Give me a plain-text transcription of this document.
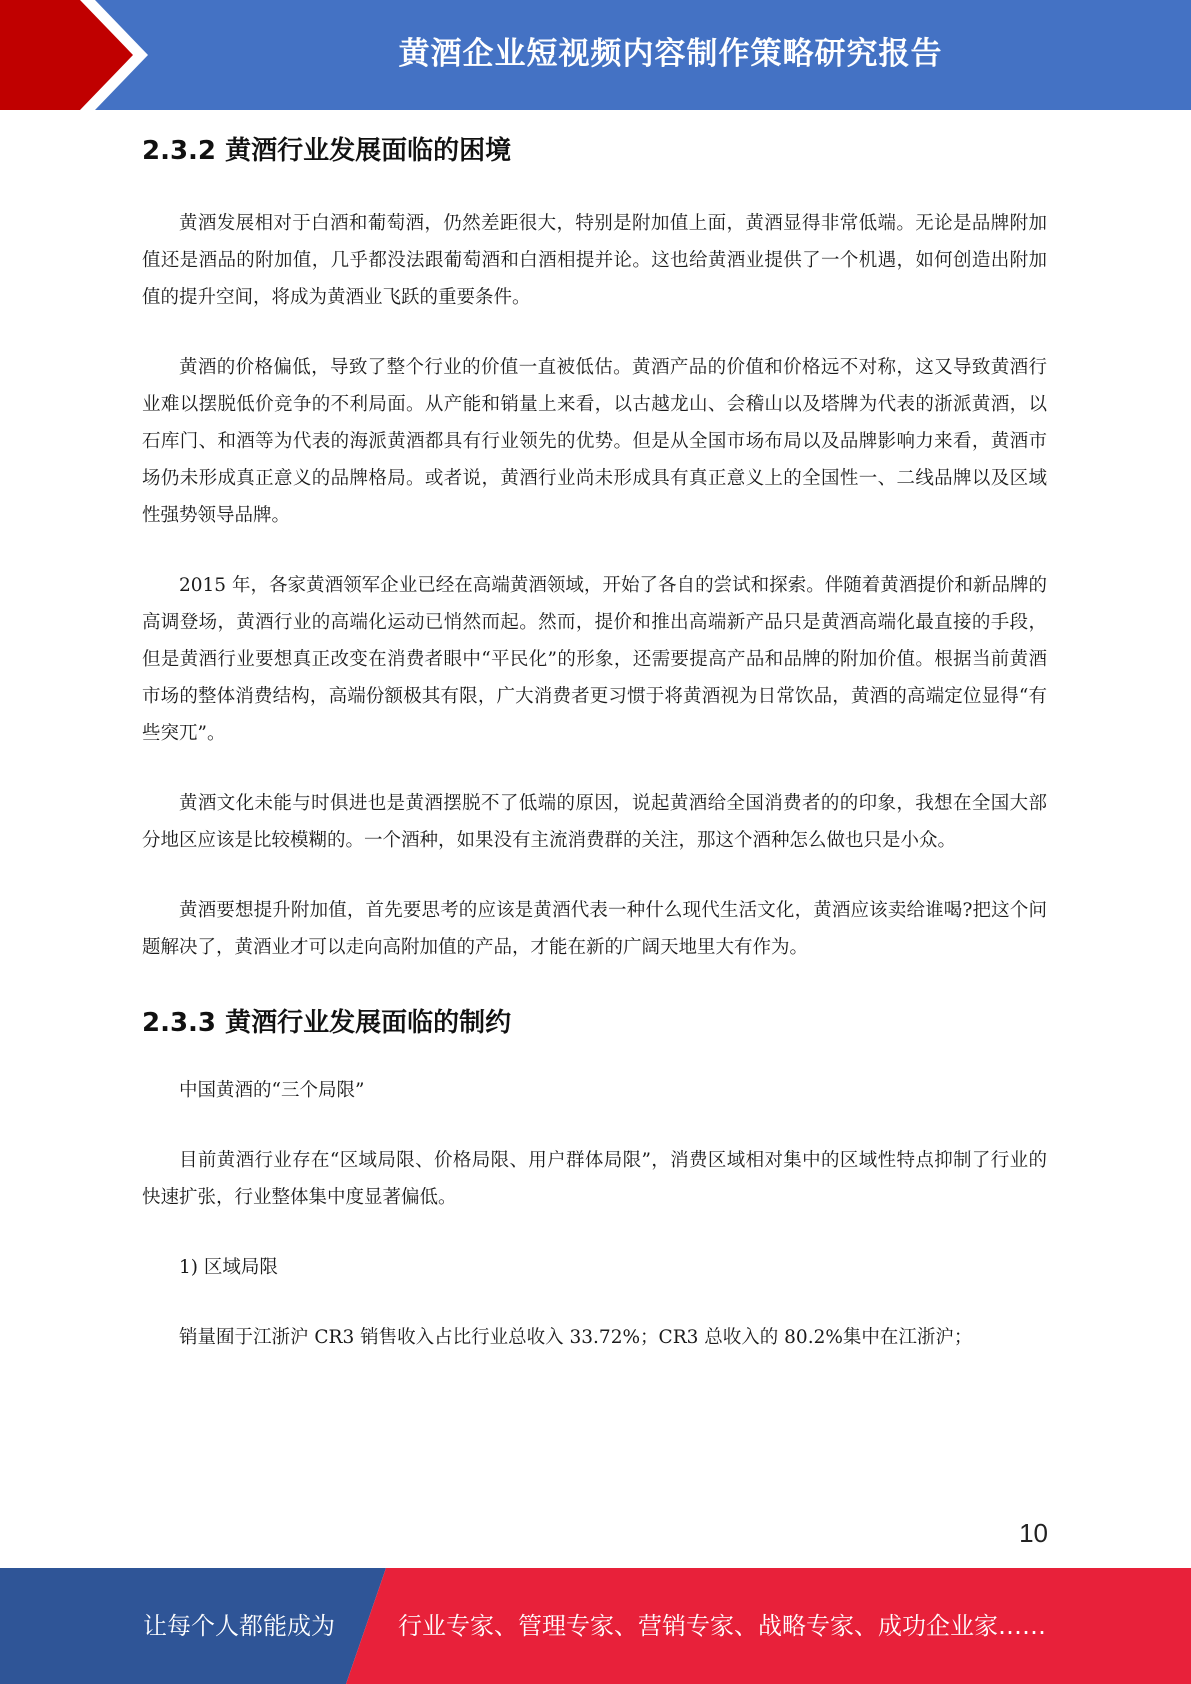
黄酒企业短视频内容制作策略研究报告
2.3.2 黄酒行业发展面临的困境

黄酒发展相对于白酒和葡萄酒，仍然差距很大，特别是附加值上面，黄酒显得非常低端。无论是品牌附加值还是酒品的附加值，几乎都没法跟葡萄酒和白酒相提并论。这也给黄酒业提供了一个机遇，如何创造出附加值的提升空间，将成为黄酒业飞跃的重要条件。

黄酒的价格偏低，导致了整个行业的价值一直被低估。黄酒产品的价值和价格远不对称，这又导致黄酒行业难以摆脱低价竞争的不利局面。从产能和销量上来看，以古越龙山、会稽山以及塔牌为代表的浙派黄酒，以石库门、和酒等为代表的海派黄酒都具有行业领先的优势。但是从全国市场布局以及品牌影响力来看，黄酒市场仍未形成真正意义的品牌格局。或者说，黄酒行业尚未形成具有真正意义上的全国性一、二线品牌以及区域性强势领导品牌。

2015 年，各家黄酒领军企业已经在高端黄酒领域，开始了各自的尝试和探索。伴随着黄酒提价和新品牌的高调登场，黄酒行业的高端化运动已悄然而起。然而，提价和推出高端新产品只是黄酒高端化最直接的手段，但是黄酒行业要想真正改变在消费者眼中“平民化”的形象，还需要提高产品和品牌的附加价值。根据当前黄酒市场的整体消费结构，高端份额极其有限，广大消费者更习惯于将黄酒视为日常饮品，黄酒的高端定位显得“有些突兀”。

黄酒文化未能与时俱进也是黄酒摆脱不了低端的原因，说起黄酒给全国消费者的的印象，我想在全国大部分地区应该是比较模糊的。一个酒种，如果没有主流消费群的关注，那这个酒种怎么做也只是小众。

黄酒要想提升附加值，首先要思考的应该是黄酒代表一种什么现代生活文化，黄酒应该卖给谁喝?把这个问题解决了，黄酒业才可以走向高附加值的产品，才能在新的广阔天地里大有作为。

2.3.3 黄酒行业发展面临的制约

中国黄酒的“三个局限”

目前黄酒行业存在“区域局限、价格局限、用户群体局限”，消费区域相对集中的区域性特点抑制了行业的快速扩张，行业整体集中度显著偏低。

1) 区域局限

销量囿于江浙沪 CR3 销售收入占比行业总收入 33.72%；CR3 总收入的 80.2%集中在江浙沪；

10
让每个人都能成为	行业专家、管理专家、营销专家、战略专家、成功企业家……
